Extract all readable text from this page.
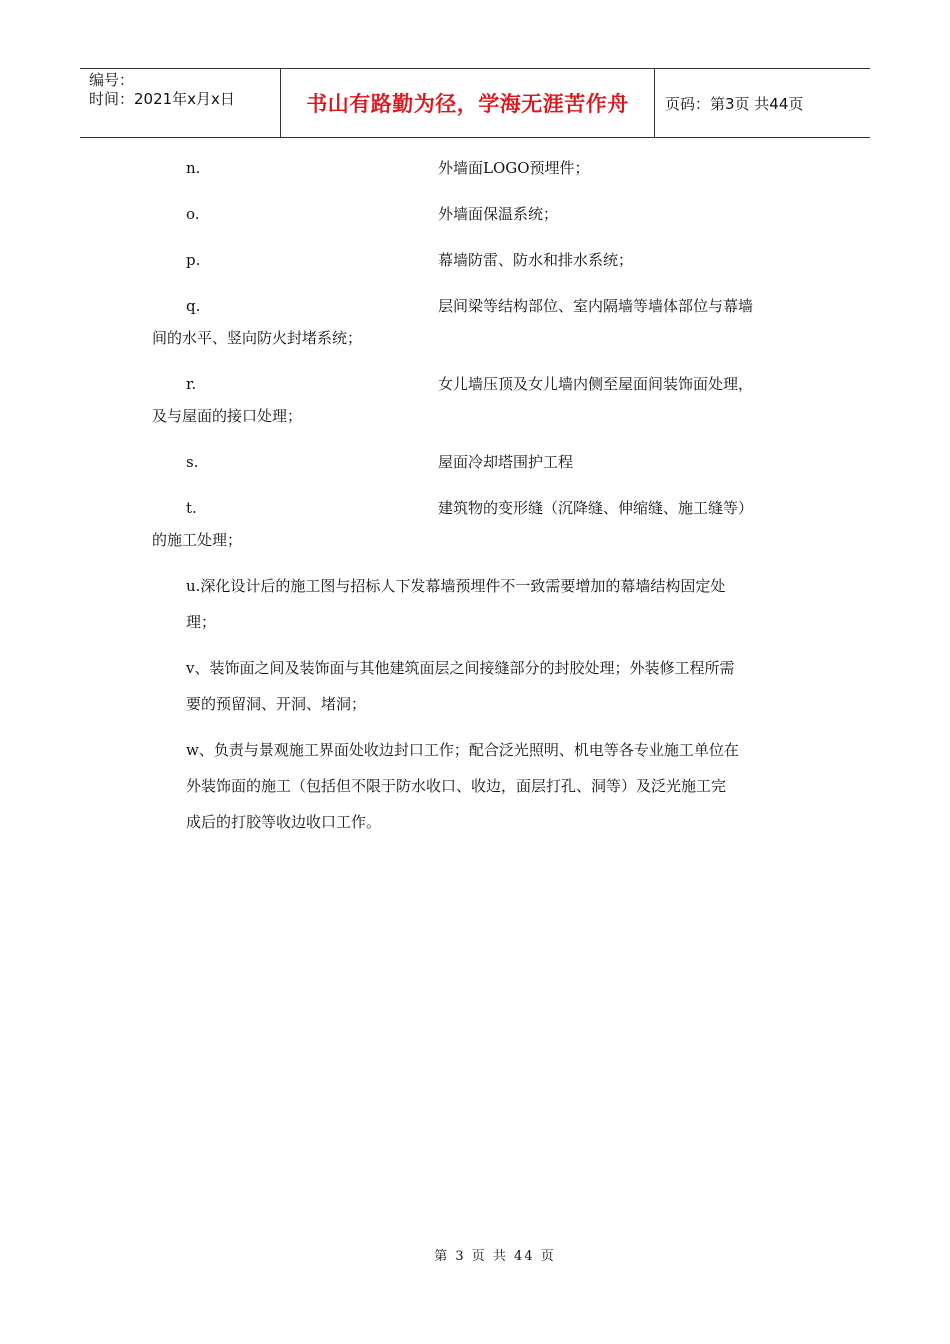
编号：
时间：2021年x月x日	书山有路勤为径，学海无涯苦作舟	页码：第3页 共44页
n.	外墙面LOGO预埋件；
o.	外墙面保温系统；
p.	幕墙防雷、防水和排水系统；
q.	层间梁等结构部位、室内隔墙等墙体部位与幕墙
间的水平、竖向防火封堵系统；
r.	女儿墙压顶及女儿墙内侧至屋面间装饰面处理，
及与屋面的接口处理；
s.	屋面冷却塔围护工程
t.	建筑物的变形缝（沉降缝、伸缩缝、施工缝等）
的施工处理；
u.深化设计后的施工图与招标人下发幕墙预埋件不一致需要增加的幕墙结构固定处
理；
v、装饰面之间及装饰面与其他建筑面层之间接缝部分的封胶处理；外装修工程所需
要的预留洞、开洞、堵洞；
w、负责与景观施工界面处收边封口工作；配合泛光照明、机电等各专业施工单位在
外装饰面的施工（包括但不限于防水收口、收边，面层打孔、洞等）及泛光施工完
成后的打胶等收边收口工作。
第 3 页 共 44 页
